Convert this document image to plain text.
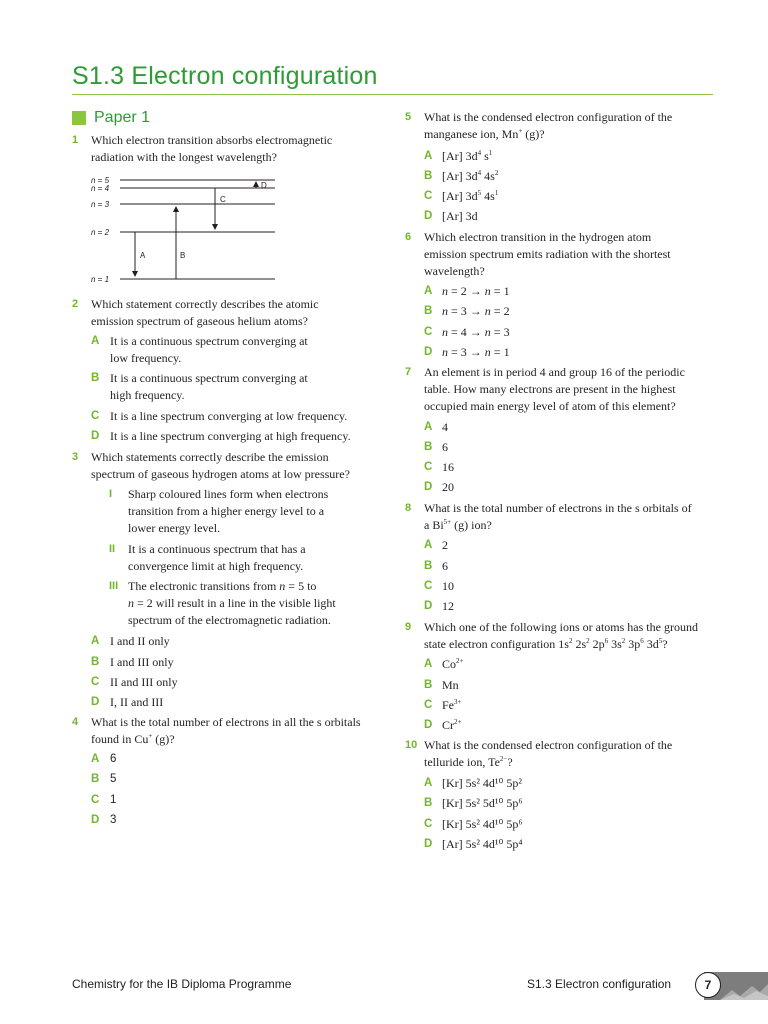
S1.3 Electron configuration
Paper 1
1 Which electron transition absorbs electromagnetic
radiation with the longest wavelength?
n = 5
n = 4
n = 3
n = 2
n = 1
A	B
C
D
2 Which statement correctly describes the atomic
emission spectrum of gaseous helium atoms?
A It is a continuous spectrum converging at
low frequency.
B It is a continuous spectrum converging at
high frequency.
C It is a line spectrum converging at low frequency.
D It is a line spectrum converging at high frequency.
3 Which statements correctly describe the emission
spectrum of gaseous hydrogen atoms at low pressure?
I Sharp coloured lines form when electrons
transition from a higher energy level to a
lower energy level.
II It is a continuous spectrum that has a
convergence limit at high frequency.
III The electronic transitions from n = 5 to
n = 2 will result in a line in the visible light
spectrum of the electromagnetic radiation.
A I and II only
B I and III only
C II and III only
D I, II and III
4 What is the total number of electrons in all the s orbitals
found in Cu+ (g)?
A 6
B 5
C 1
D 3
5 What is the condensed electron configuration of the
manganese ion, Mn+ (g)?
A [Ar] $3d^4$ $s^1$
B [Ar] $3d^4$ $4s^2$
C [Ar] $3d^5$ $4s^1$
D [Ar] 3d
6 Which electron transition in the hydrogen atom
emission spectrum emits radiation with the shortest
wavelength?
A n = 2 → n = 1
B n = 3 → n = 2
C n = 4 → n = 3
D n = 3 → n = 1
7 An element is in period 4 and group 16 of the periodic
table. How many electrons are present in the highest
occupied main energy level of atom of this element?
A 4
B 6
C 16
D 20
8 What is the total number of electrons in the s orbitals of
a $Bi^{5+}$ (g) ion?
A 2
B 6
C 10
D 12
9 Which one of the following ions or atoms has the ground
state electron configuration $1s^2$ $2s^2$ $2p^6$ $3s^2$ $3p^6$ $3d^5$?
A $Co^{2+}$
B Mn
C $Fe^{3+}$
D $Cr^{2+}$
10 What is the condensed electron configuration of the
telluride ion, $Te^{2-}$?
A [Kr] 5s² 4d¹⁰ 5p²
B [Kr] 5s² 5d¹⁰ 5p⁶
C [Kr] 5s² 4d¹⁰ 5p⁶
D [Ar] 5s² 4d¹⁰ 5p⁴
Chemistry for the IB Diploma Programme	S1.3 Electron configuration	7
